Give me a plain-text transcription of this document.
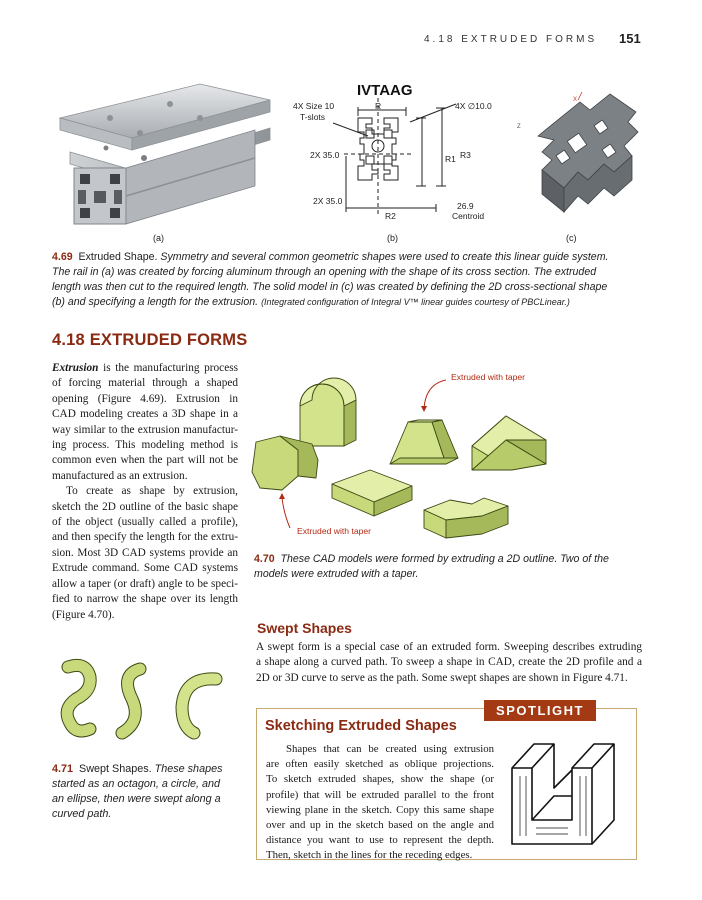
4.18 EXTRUDED FORMS 151
(a)
IVTAAG
4X Size 10
T-slots
R	4X ∅10.0
2X 35.0	R1 R3
2X 35.0
R2
26.9
Centroid
(b)
X
Z
(c)
4.69 Extruded Shape. Symmetry and several common geometric shapes were used to create this linear guide system.
The rail in (a) was created by forcing aluminum through an opening with the shape of its cross section. The extruded
length was then cut to the required length. The solid model in (c) was created by defining the 2D cross-sectional shape
(b) and specifying a length for the extrusion. (Integrated configuration of Integral V™ linear guides courtesy of PBCLinear.)
4.18 EXTRUDED FORMS
Extrusion is the manufacturing process
of forcing material through a shaped
opening (Figure 4.69). Extrusion in
CAD modeling creates a 3D shape in a
way similar to the extrusion manufactur-
ing process. This modeling method is
common even when the part will not be
manufactured as an extrusion.
To create as shape by extrusion,
sketch the 2D outline of the basic shape
of the object (usually called a profile),
and then specify the length for the extru-
sion. Most 3D CAD systems provide an
Extrude command. Some CAD systems
allow a taper (or draft) angle to be speci-
fied to narrow the shape over its length
(Figure 4.70).
Extruded with taper
Extruded with taper
4.70 These CAD models were formed by extruding a 2D outline. Two of the
models were extruded with a taper.
Swept Shapes
A swept form is a special case of an extruded form. Sweeping describes extruding
a shape along a curved path. To sweep a shape in CAD, create the 2D profile and a
2D or 3D curve to serve as the path. Some swept shapes are shown in Figure 4.71.
4.71 Swept Shapes. These shapes
started as an octagon, a circle, and
an ellipse, then were swept along a
curved path.
SPOTLIGHT
Sketching Extruded Shapes
Shapes that can be created using extrusion
are often easily sketched as oblique projections.
To sketch extruded shapes, show the shape (or
profile) that will be extruded parallel to the front
viewing plane in the sketch. Copy this same shape
over and up in the sketch based on the angle and
distance you want to use to represent the depth.
Then, sketch in the lines for the receding edges.
